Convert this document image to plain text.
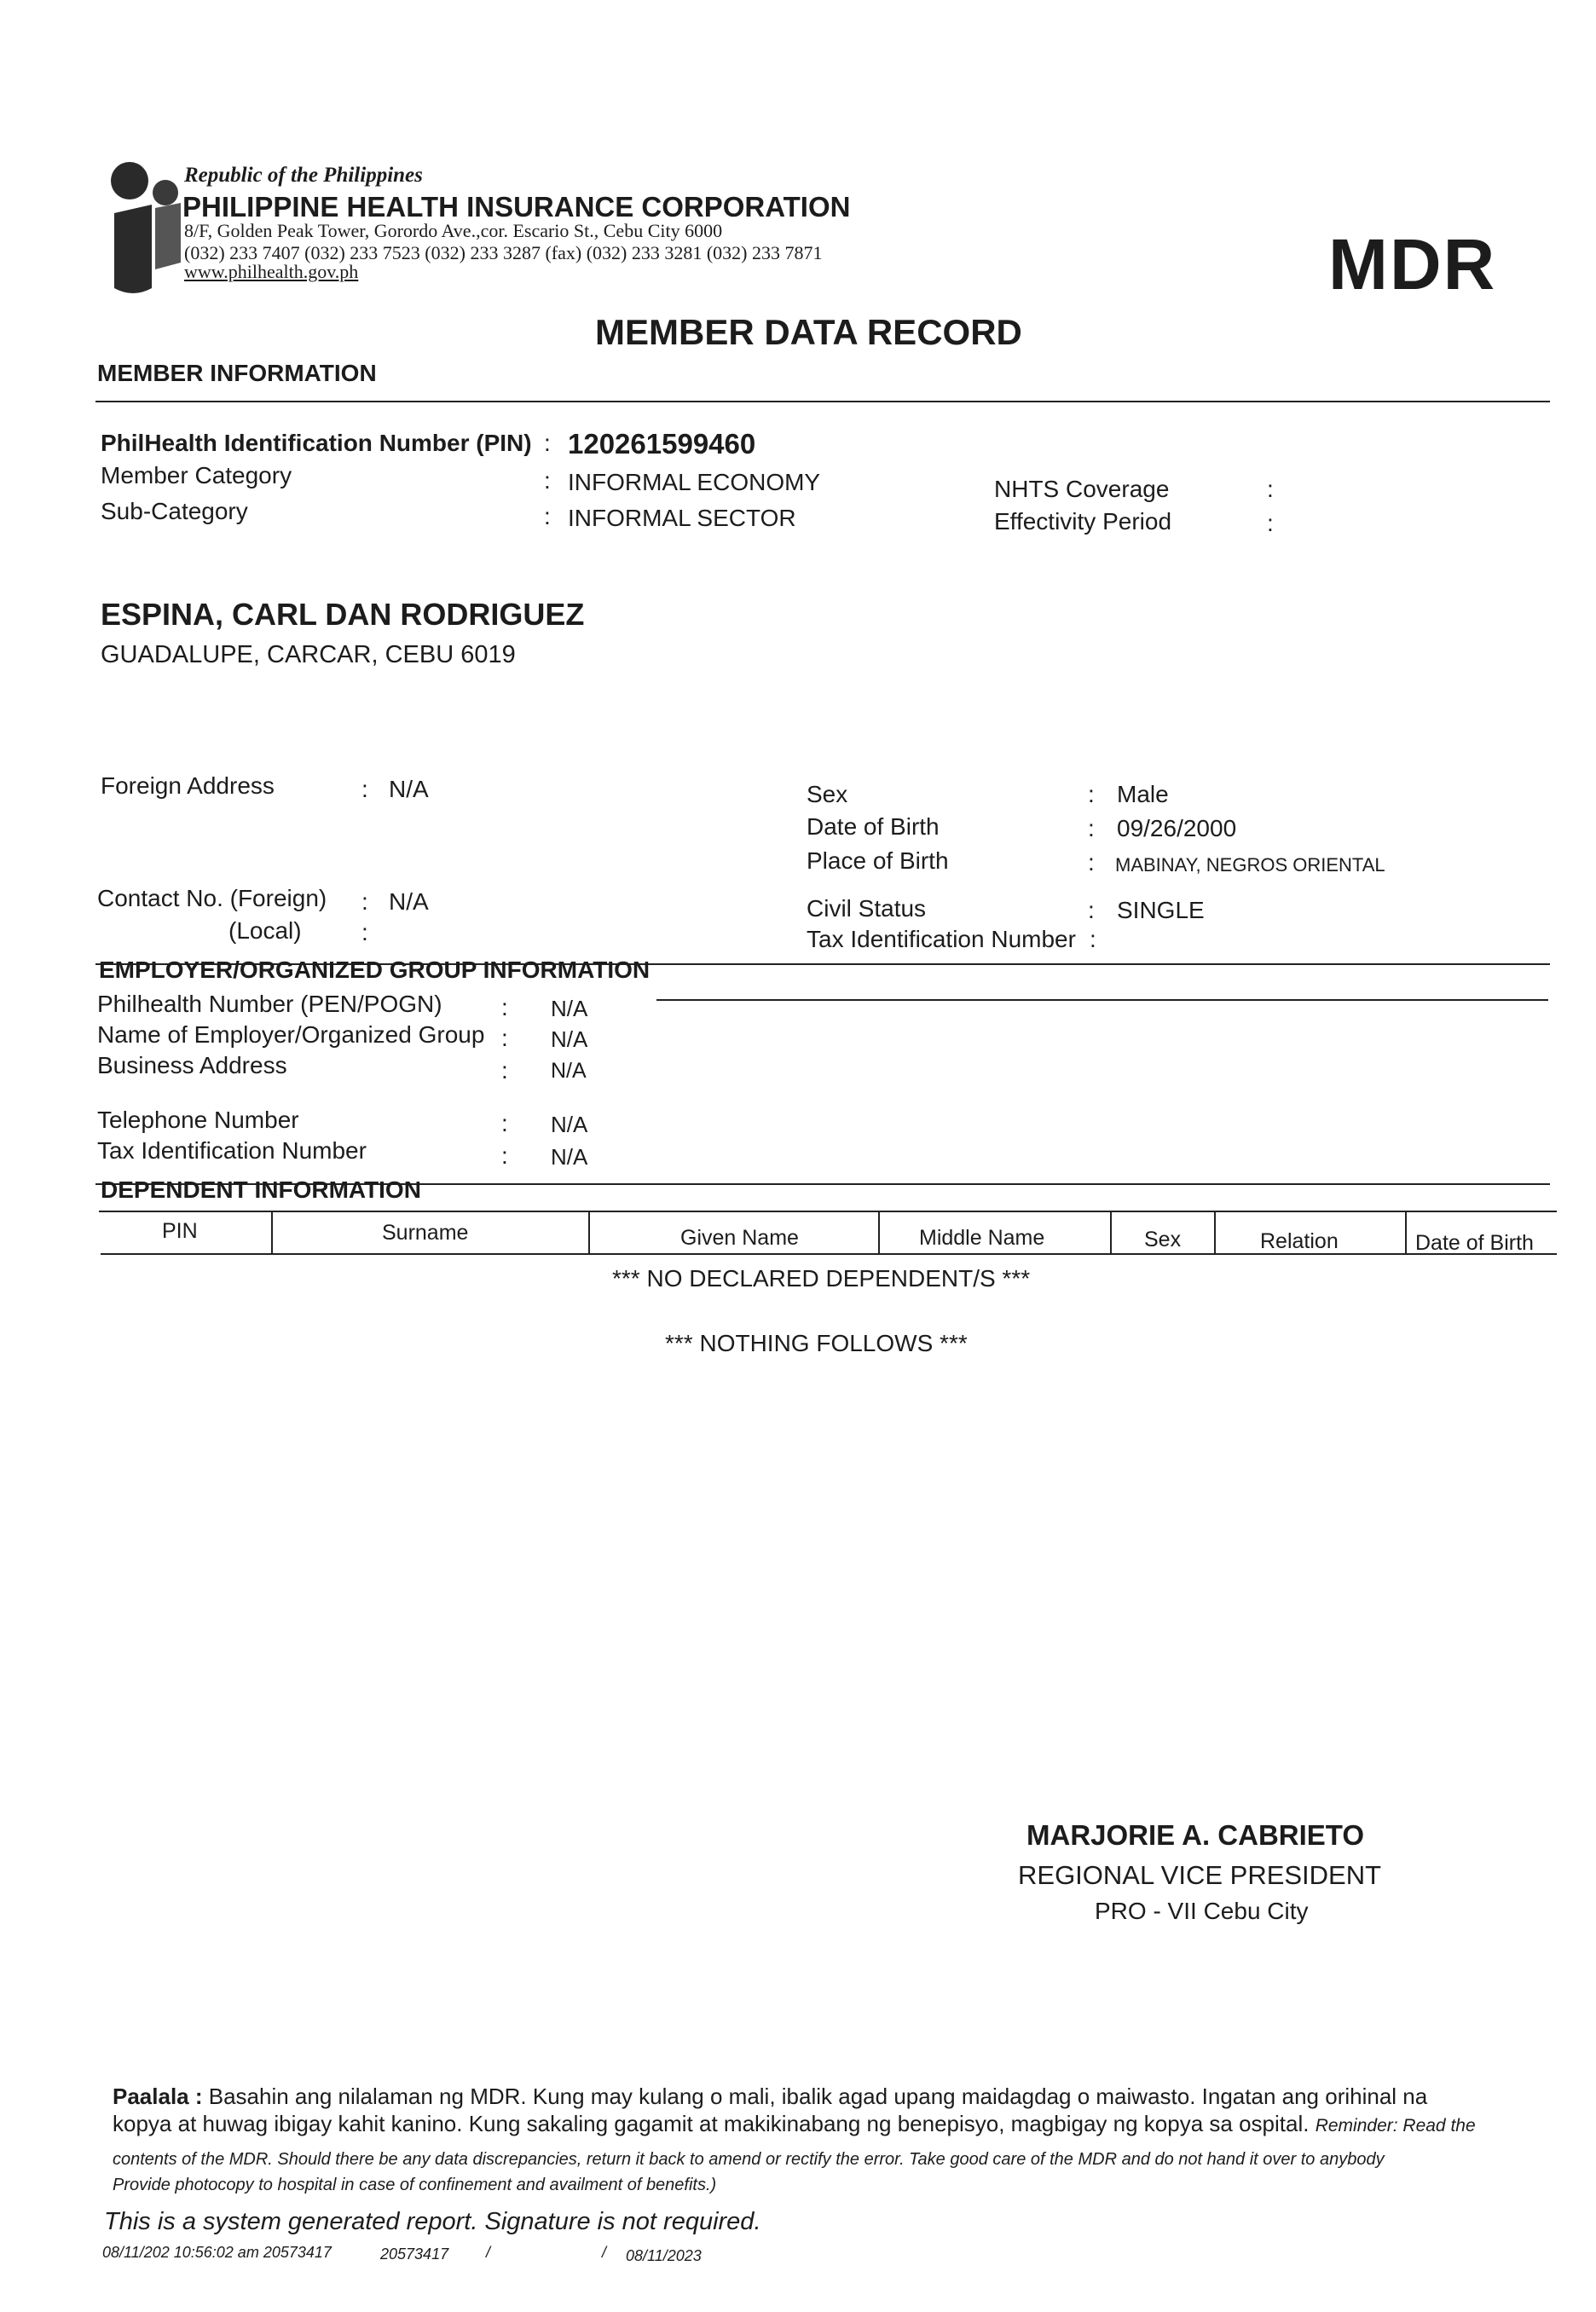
Republic of the Philippines
PHILIPPINE HEALTH INSURANCE CORPORATION
8/F, Golden Peak Tower, Gorordo Ave.,cor. Escario St., Cebu City 6000
(032) 233 7407 (032) 233 7523 (032) 233 3287 (fax) (032) 233 3281 (032) 233 7871
www.philhealth.gov.ph	MDR
MEMBER DATA RECORD
MEMBER INFORMATION
PhilHealth Identification Number (PIN) : 120261599460
Member Category	: INFORMAL ECONOMY
Sub-Category	: INFORMAL SECTOR
NHTS Coverage	:
Effectivity Period	:
ESPINA, CARL DAN RODRIGUEZ
GUADALUPE, CARCAR, CEBU 6019
Foreign Address	: N/A
Contact No. (Foreign) : N/A
(Local)	:
Sex	: Male
Date of Birth	: 09/26/2000
Place of Birth	: MABINAY, NEGROS ORIENTAL
Civil Status	: SINGLE
Tax Identification Number :
EMPLOYER/ORGANIZED GROUP INFORMATION
Philhealth Number (PEN/POGN) : N/A
Name of Employer/Organized Group : N/A
Business Address	: N/A
Telephone Number	: N/A
Tax Identification Number	: N/A
DEPENDENT INFORMATION
PIN	Surname	Given Name	Middle Name	Sex	Relation	Date of Birth
*** NO DECLARED DEPENDENT/S ***
*** NOTHING FOLLOWS ***
MARJORIE A. CABRIETO
REGIONAL VICE PRESIDENT
PRO - VII Cebu City
Paalala : Basahin ang nilalaman ng MDR. Kung may kulang o mali, ibalik agad upang maidagdag o maiwasto. Ingatan ang orihinal na
kopya at huwag ibigay kahit kanino. Kung sakaling gagamit at makikinabang ng benepisyo, magbigay ng kopya sa ospital. Reminder: Read the
contents of the MDR. Should there be any data discrepancies, return it back to amend or rectify the error. Take good care of the MDR and do not hand it over to anybody
Provide photocopy to hospital in case of confinement and availment of benefits.)
This is a system generated report. Signature is not required.
08/11/202 10:56:02 am 20573417	20573417 /	/ 08/11/2023
